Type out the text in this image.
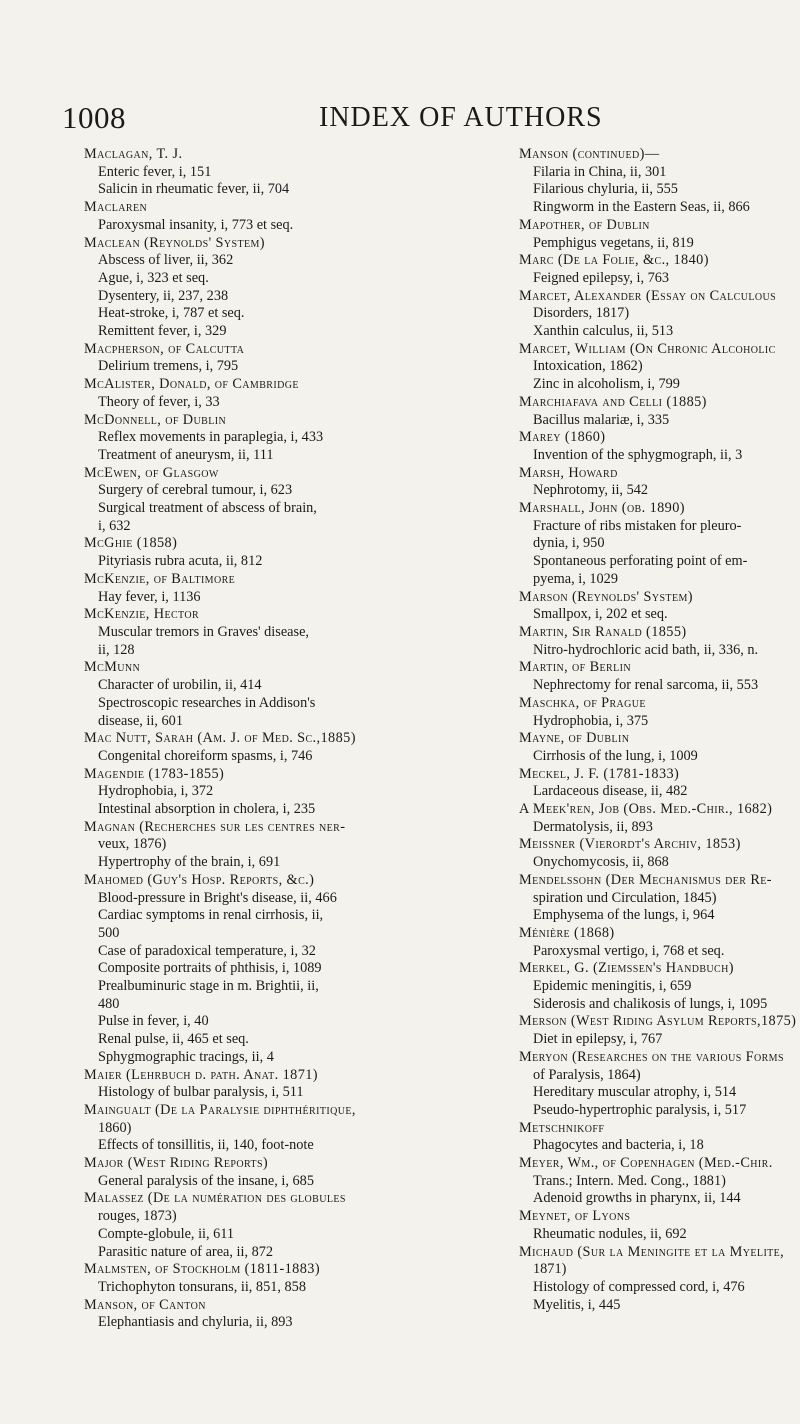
1008	INDEX OF AUTHORS
Maclagan, T. J.
Enteric fever, i, 151
Salicin in rheumatic fever, ii, 704
Maclaren
Paroxysmal insanity, i, 773 et seq.
Maclean (Reynolds' System)
Abscess of liver, ii, 362
Ague, i, 323 et seq.
Dysentery, ii, 237, 238
Heat-stroke, i, 787 et seq.
Remittent fever, i, 329
Macpherson, of Calcutta
Delirium tremens, i, 795
McAlister, Donald, of Cambridge
Theory of fever, i, 33
McDonnell, of Dublin
Reflex movements in paraplegia, i, 433
Treatment of aneurysm, ii, 111
McEwen, of Glasgow
Surgery of cerebral tumour, i, 623
Surgical treatment of abscess of brain,
i, 632
McGhie (1858)
Pityriasis rubra acuta, ii, 812
McKenzie, of Baltimore
Hay fever, i, 1136
McKenzie, Hector
Muscular tremors in Graves' disease,
ii, 128
McMunn
Character of urobilin, ii, 414
Spectroscopic researches in Addison's
disease, ii, 601
Mac Nutt, Sarah (Am. J. of Med. Sc.,1885)
Congenital choreiform spasms, i, 746
Magendie (1783-1855)
Hydrophobia, i, 372
Intestinal absorption in cholera, i, 235
Magnan (Recherches sur les centres ner-
veux, 1876)
Hypertrophy of the brain, i, 691
Mahomed (Guy's Hosp. Reports, &c.)
Blood-pressure in Bright's disease, ii, 466
Cardiac symptoms in renal cirrhosis, ii,
500
Case of paradoxical temperature, i, 32
Composite portraits of phthisis, i, 1089
Prealbuminuric stage in m. Brightii, ii,
480
Pulse in fever, i, 40
Renal pulse, ii, 465 et seq.
Sphygmographic tracings, ii, 4
Maier (Lehrbuch d. path. Anat. 1871)
Histology of bulbar paralysis, i, 511
Maingualt (De la Paralysie diphthéritique,
1860)
Effects of tonsillitis, ii, 140, foot-note
Major (West Riding Reports)
General paralysis of the insane, i, 685
Malassez (De la numération des globules
rouges, 1873)
Compte-globule, ii, 611
Parasitic nature of area, ii, 872
Malmsten, of Stockholm (1811-1883)
Trichophyton tonsurans, ii, 851, 858
Manson, of Canton
Elephantiasis and chyluria, ii, 893
Manson (continued)—
Filaria in China, ii, 301
Filarious chyluria, ii, 555
Ringworm in the Eastern Seas, ii, 866
Mapother, of Dublin
Pemphigus vegetans, ii, 819
Marc (De la Folie, &c., 1840)
Feigned epilepsy, i, 763
Marcet, Alexander (Essay on Calculous
Disorders, 1817)
Xanthin calculus, ii, 513
Marcet, William (On Chronic Alcoholic
Intoxication, 1862)
Zinc in alcoholism, i, 799
Marchiafava and Celli (1885)
Bacillus malariæ, i, 335
Marey (1860)
Invention of the sphygmograph, ii, 3
Marsh, Howard
Nephrotomy, ii, 542
Marshall, John (ob. 1890)
Fracture of ribs mistaken for pleuro-
dynia, i, 950
Spontaneous perforating point of em-
pyema, i, 1029
Marson (Reynolds' System)
Smallpox, i, 202 et seq.
Martin, Sir Ranald (1855)
Nitro-hydrochloric acid bath, ii, 336, n.
Martin, of Berlin
Nephrectomy for renal sarcoma, ii, 553
Maschka, of Prague
Hydrophobia, i, 375
Mayne, of Dublin
Cirrhosis of the lung, i, 1009
Meckel, J. F. (1781-1833)
Lardaceous disease, ii, 482
A Meek'ren, Job (Obs. Med.-Chir., 1682)
Dermatolysis, ii, 893
Meissner (Vierordt's Archiv, 1853)
Onychomycosis, ii, 868
Mendelssohn (Der Mechanismus der Re-
spiration und Circulation, 1845)
Emphysema of the lungs, i, 964
Ménière (1868)
Paroxysmal vertigo, i, 768 et seq.
Merkel, G. (Ziemssen's Handbuch)
Epidemic meningitis, i, 659
Siderosis and chalikosis of lungs, i, 1095
Merson (West Riding Asylum Reports,1875)
Diet in epilepsy, i, 767
Meryon (Researches on the various Forms
of Paralysis, 1864)
Hereditary muscular atrophy, i, 514
Pseudo-hypertrophic paralysis, i, 517
Metschnikoff
Phagocytes and bacteria, i, 18
Meyer, Wm., of Copenhagen (Med.-Chir.
Trans.; Intern. Med. Cong., 1881)
Adenoid growths in pharynx, ii, 144
Meynet, of Lyons
Rheumatic nodules, ii, 692
Michaud (Sur la Meningite et la Myelite,
1871)
Histology of compressed cord, i, 476
Myelitis, i, 445
